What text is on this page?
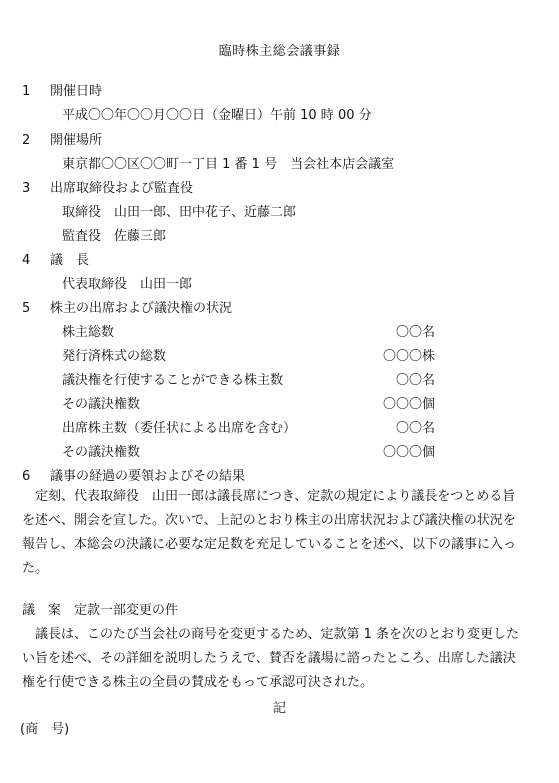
臨時株主総会議事録
1	開催日時
平成〇〇年〇〇月〇〇日（金曜日）午前 10 時 00 分
2	開催場所
東京都〇〇区〇〇町一丁目 1 番 1 号　当会社本店会議室
3	出席取締役および監査役
取締役　山田一郎、田中花子、近藤二郎
監査役　佐藤三郎
4	議　長
代表取締役　山田一郎
5	株主の出席および議決権の状況
株主総数	〇〇名
発行済株式の総数	〇〇〇株
議決権を行使することができる株主数	〇〇名
その議決権数	〇〇〇個
出席株主数（委任状による出席を含む）	〇〇名
その議決権数	〇〇〇個
6	議事の経過の要領およびその結果

定刻、代表取締役　山田一郎は議長席につき、定款の規定により議長をつとめる旨を述べ、開会を宣した。次いで、上記のとおり株主の出席状況および議決権の状況を報告し、本総会の決議に必要な定足数を充足していることを述べ、以下の議事に入った。

議　案　定款一部変更の件

議長は、このたび当会社の商号を変更するため、定款第 1 条を次のとおり変更したい旨を述べ、その詳細を説明したうえで、賛否を議場に諮ったところ、出席した議決権を行使できる株主の全員の賛成をもって承認可決された。

記
(商　号)
